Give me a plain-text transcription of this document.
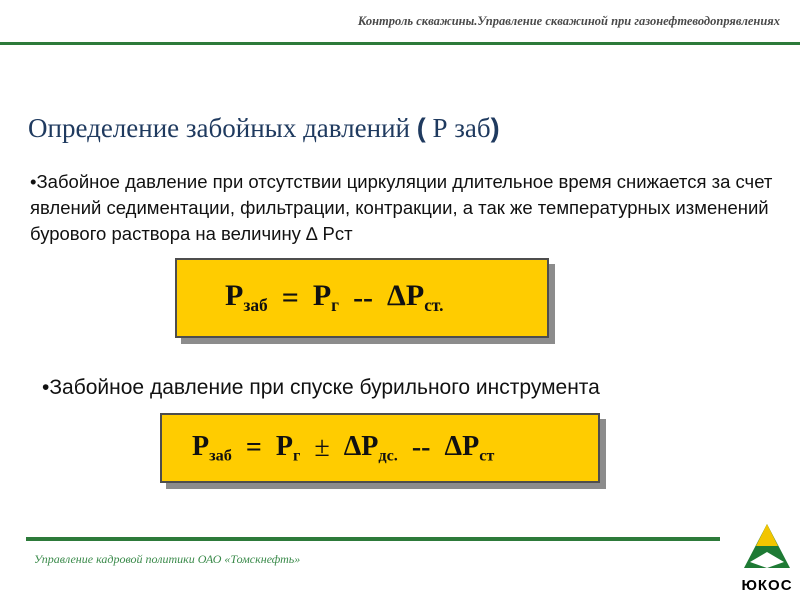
Контроль скважины.Управление скважиной при газонефтеводопрявлениях
Определение забойных давлений ( Р заб)
•Забойное давление при отсутствии циркуляции длительное время снижается за счет явлений седиментации, фильтрации, контракции, а так же температурных изменений бурового раствора на величину ∆ Рст
$P_{заб} = P_г -- \Delta P_{ст.}$
•Забойное давление при спуске бурильного инструмента
$P_{заб} = P_г \pm \Delta P_{дс.} -- \Delta P_{ст}$
Управление кадровой политики ОАО «Томскнефть»
ЮКОС
